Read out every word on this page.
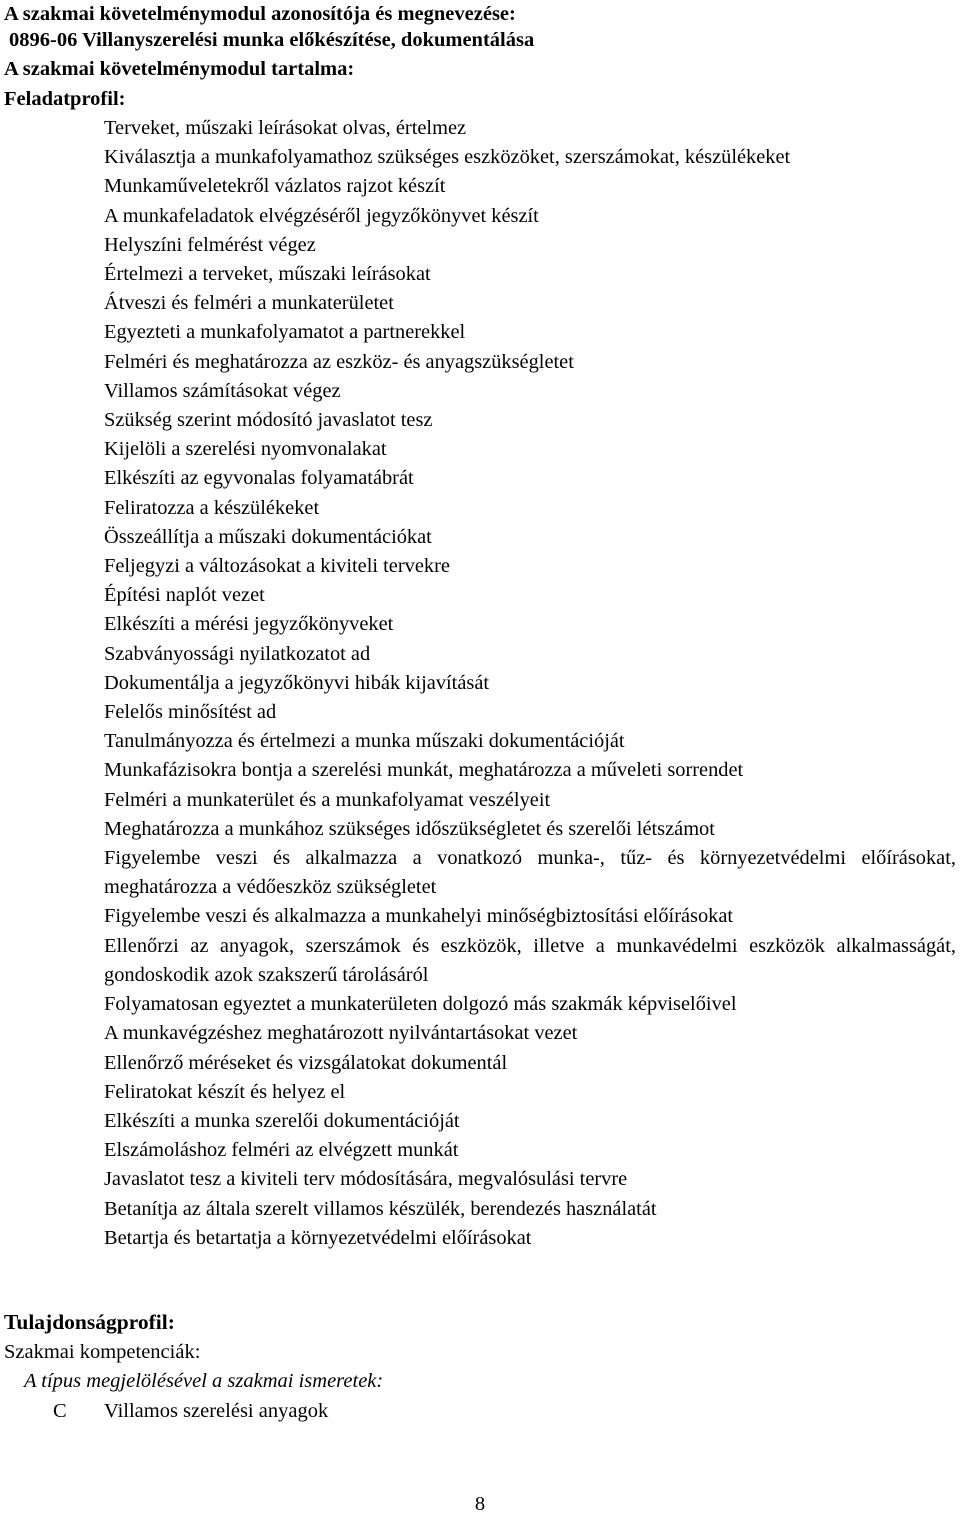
A szakmai követelménymodul azonosítója és megnevezése:
0896-06 Villanyszerelési munka előkészítése, dokumentálása
A szakmai követelménymodul tartalma:
Feladatprofil:
Terveket, műszaki leírásokat olvas, értelmez
Kiválasztja a munkafolyamathoz szükséges eszközöket, szerszámokat, készülékeket
Munkaműveletekről vázlatos rajzot készít
A munkafeladatok elvégzéséről jegyzőkönyvet készít
Helyszíni felmérést végez
Értelmezi a terveket, műszaki leírásokat
Átveszi és felméri a munkaterületet
Egyezteti a munkafolyamatot a partnerekkel
Felméri és meghatározza az eszköz- és anyagszükségletet
Villamos számításokat végez
Szükség szerint módosító javaslatot tesz
Kijelöli a szerelési nyomvonalakat
Elkészíti az egyvonalas folyamatábrát
Feliratozza a készülékeket
Összeállítja a műszaki dokumentációkat
Feljegyzi a változásokat a kiviteli tervekre
Építési naplót vezet
Elkészíti a mérési jegyzőkönyveket
Szabványossági nyilatkozatot ad
Dokumentálja a jegyzőkönyvi hibák kijavítását
Felelős minősítést ad
Tanulmányozza és értelmezi a munka műszaki dokumentációját
Munkafázisokra bontja a szerelési munkát, meghatározza a műveleti sorrendet
Felméri a munkaterület és a munkafolyamat veszélyeit
Meghatározza a munkához szükséges időszükségletet és szerelői létszámot
Figyelembe veszi és alkalmazza a vonatkozó munka-, tűz- és környezetvédelmi előírásokat, meghatározza a védőeszköz szükségletet
Figyelembe veszi és alkalmazza a munkahelyi minőségbiztosítási előírásokat
Ellenőrzi az anyagok, szerszámok és eszközök, illetve a munkavédelmi eszközök alkalmasságát, gondoskodik azok szakszerű tárolásáról
Folyamatosan egyeztet a munkaterületen dolgozó más szakmák képviselőivel
A munkavégzéshez meghatározott nyilvántartásokat vezet
Ellenőrző méréseket és vizsgálatokat dokumentál
Feliratokat készít és helyez el
Elkészíti a munka szerelői dokumentációját
Elszámoláshoz felméri az elvégzett munkát
Javaslatot tesz a kiviteli terv módosítására, megvalósulási tervre
Betanítja az általa szerelt villamos készülék, berendezés használatát
Betartja és betartatja a környezetvédelmi előírásokat
Tulajdonságprofil:
Szakmai kompetenciák:
A típus megjelölésével a szakmai ismeretek:
C Villamos szerelési anyagok
8
